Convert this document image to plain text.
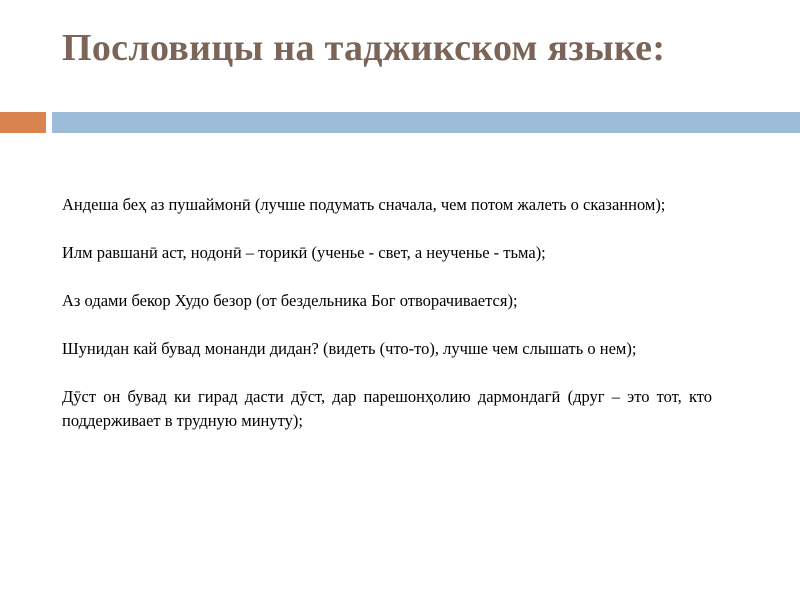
Пословицы на таджикском языке:

Андеша беҳ аз пушаймонӣ (лучше подумать сначала, чем потом жалеть о сказанном);

Илм равшанӣ аст, нодонӣ – торикӣ (ученье - свет, а неученье - тьма);

Аз одами бекор Худо безор (от бездельника Бог отворачивается);

Шунидан кай бувад монанди дидан? (видеть (что-то), лучше чем слышать о нем);

Дӯст он бувад ки гирад дасти дӯст, дар парешонҳолию дармондагӣ (друг – это тот, кто поддерживает в трудную минуту);
